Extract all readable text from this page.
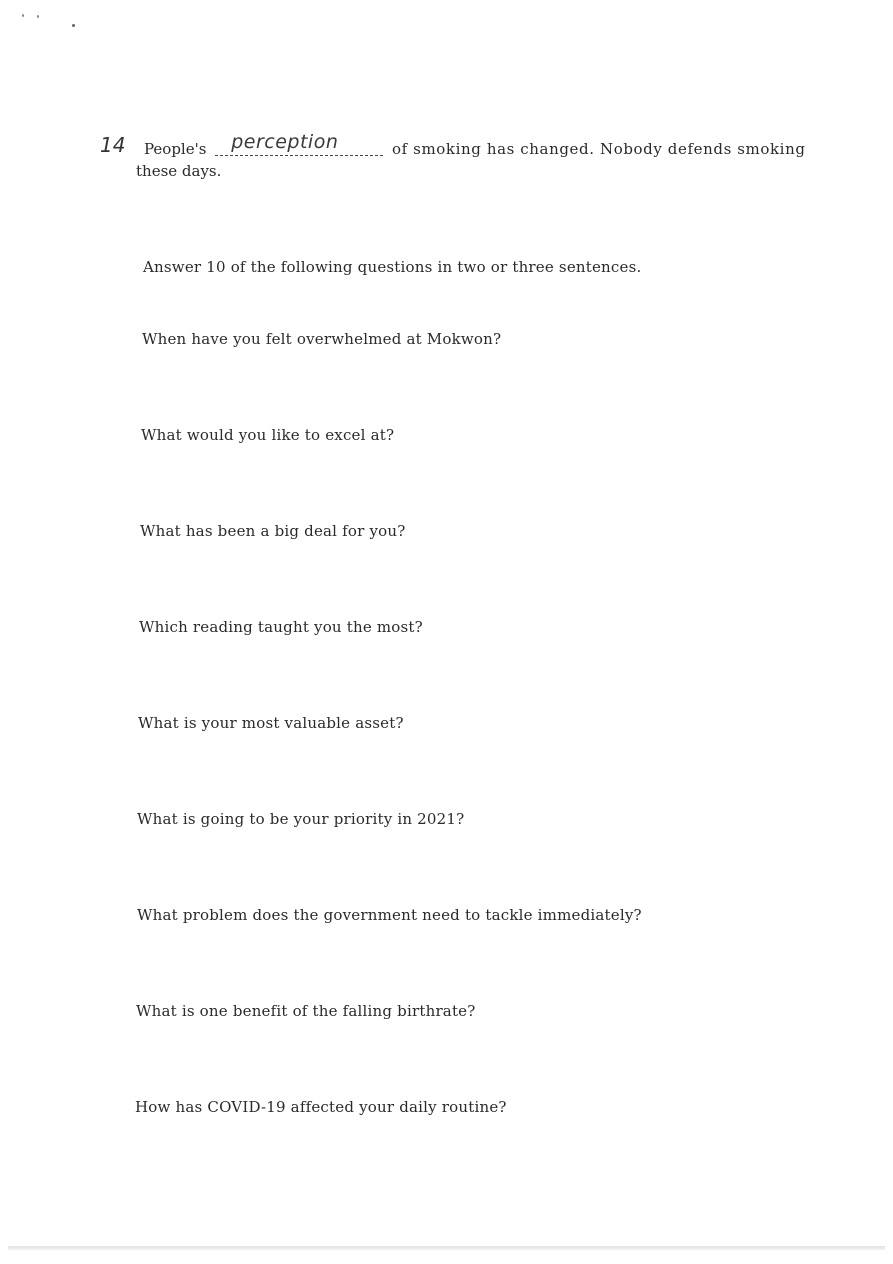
14 People's perception	of smoking has changed. Nobody defends smoking
these days.
Answer 10 of the following questions in two or three sentences.
When have you felt overwhelmed at Mokwon?
What would you like to excel at?
What has been a big deal for you?
Which reading taught you the most?
What is your most valuable asset?
What is going to be your priority in 2021?
What problem does the government need to tackle immediately?
What is one benefit of the falling birthrate?
How has COVID-19 affected your daily routine?
